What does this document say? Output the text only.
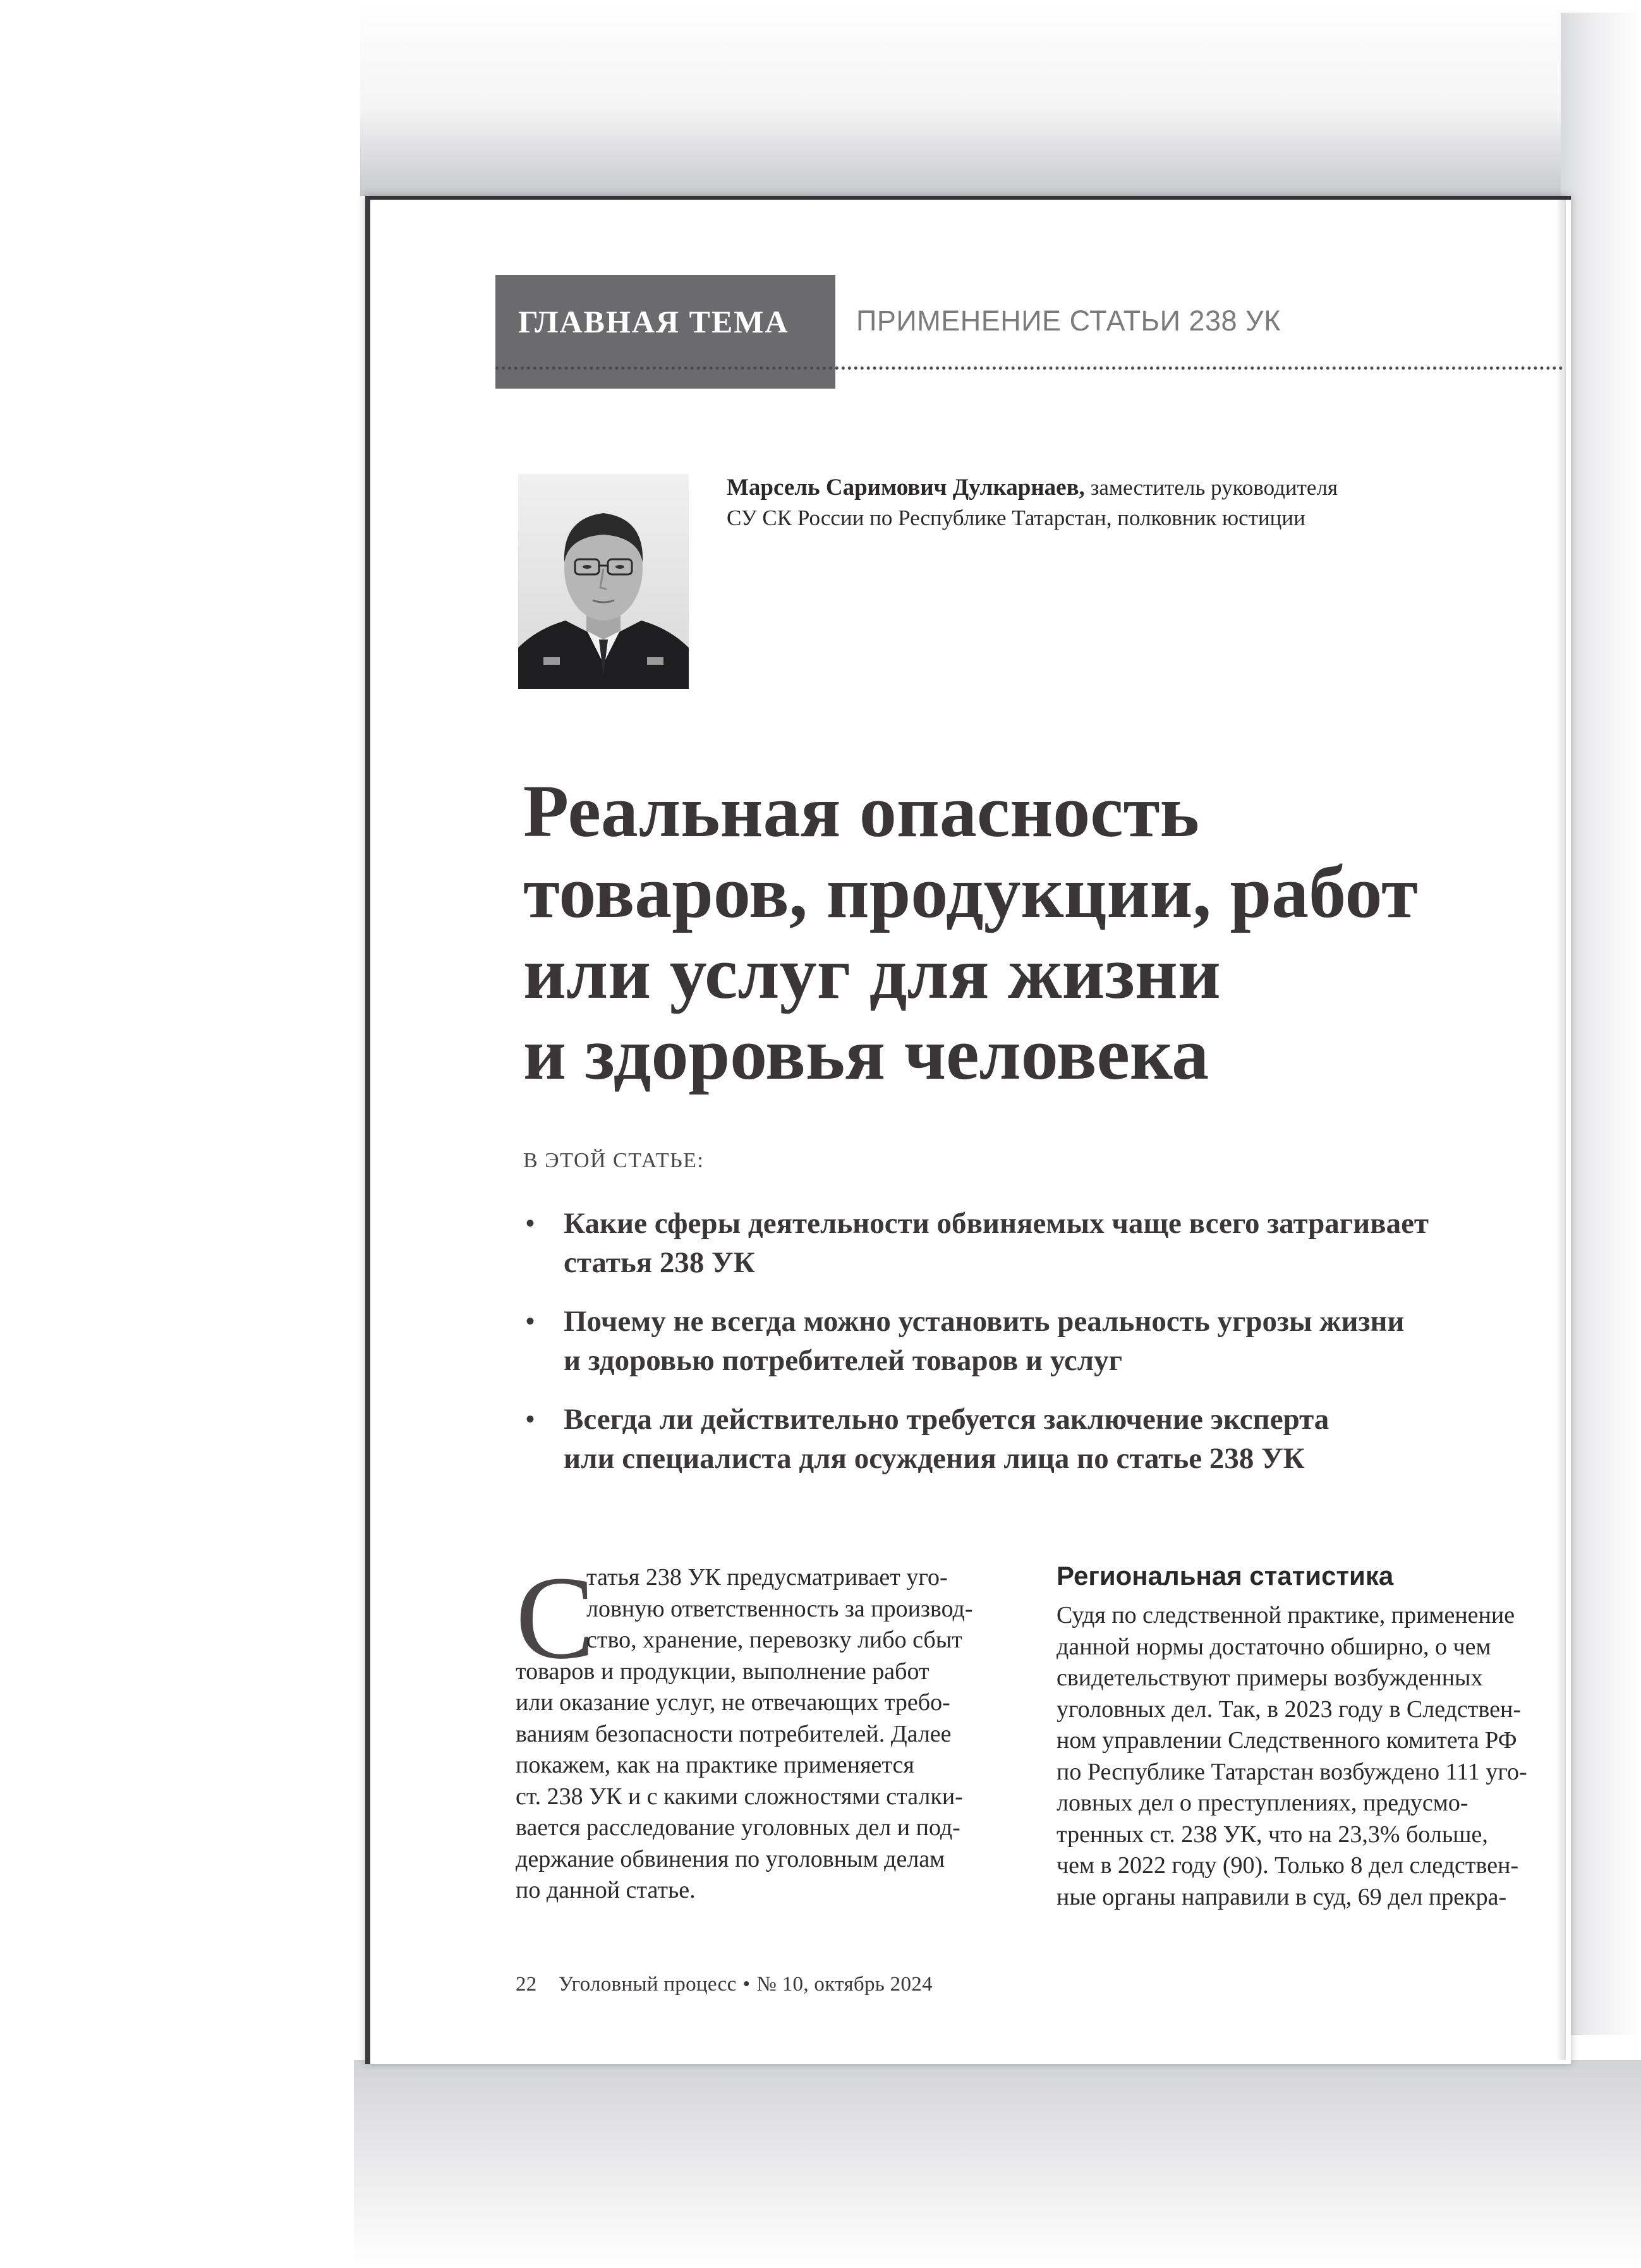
ГЛАВНАЯ ТЕМА ПРИМЕНЕНИЕ СТАТЬИ 238 УК
Марсель Саримович Дулкарнаев, заместитель руководителя
СУ СК России по Республике Татарстан, полковник юстиции
Реальная опасность
товаров, продукции, работ
или услуг для жизни
и здоровья человека
В ЭТОЙ СТАТЬЕ:
• Какие сферы деятельности обвиняемых чаще всего затрагивает
статья 238 УК
• Почему не всегда можно установить реальность угрозы жизни
и здоровью потребителей товаров и услуг
• Всегда ли действительно требуется заключение эксперта
или специалиста для осуждения лица по статье 238 УК
С
татья 238 УК предусматривает уго-
ловную ответственность за производ-
ство, хранение, перевозку либо сбыт
товаров и продукции, выполнение работ
или оказание услуг, не отвечающих требо-
ваниям безопасности потребителей. Далее
покажем, как на практике применяется
ст. 238 УК и с какими сложностями сталки-
вается расследование уголовных дел и под-
держание обвинения по уголовным делам
по данной статье.
Региональная статистика
Судя по следственной практике, применение
данной нормы достаточно обширно, о чем
свидетельствуют примеры возбужденных
уголовных дел. Так, в 2023 году в Следствен-
ном управлении Следственного комитета РФ
по Республике Татарстан возбуждено 111 уго-
ловных дел о преступлениях, предусмо-
тренных ст. 238 УК, что на 23,3% больше,
чем в 2022 году (90). Только 8 дел следствен-
ные органы направили в суд, 69 дел прекра-
22 Уголовный процесс • № 10, октябрь 2024
